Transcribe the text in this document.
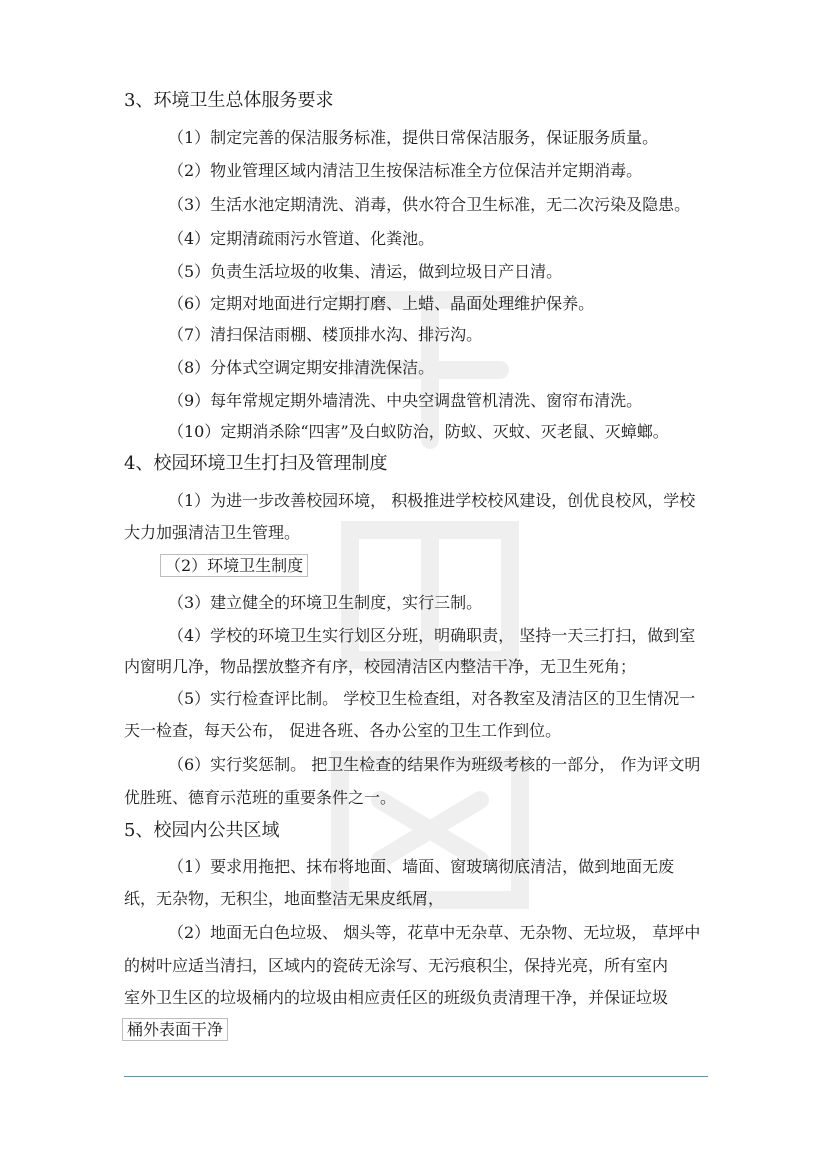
3、环境卫生总体服务要求
（1）制定完善的保洁服务标准，提供日常保洁服务，保证服务质量。
（2）物业管理区域内清洁卫生按保洁标准全方位保洁并定期消毒。
（3）生活水池定期清洗、消毒，供水符合卫生标准，无二次污染及隐患。
（4）定期清疏雨污水管道、化粪池。
（5）负责生活垃圾的收集、清运，做到垃圾日产日清。
（6）定期对地面进行定期打磨、上蜡、晶面处理维护保养。
（7）清扫保洁雨棚、楼顶排水沟、排污沟。
（8）分体式空调定期安排清洗保洁。
（9）每年常规定期外墙清洗、中央空调盘管机清洗、窗帘布清洗。
（10）定期消杀除“四害”及白蚁防治，防蚁、灭蚊、灭老鼠、灭蟑螂。
4、校园环境卫生打扫及管理制度
（1）为进一步改善校园环境， 积极推进学校校风建设，创优良校风，学校
大力加强清洁卫生管理。
（2）环境卫生制度
（3）建立健全的环境卫生制度，实行三制。
（4）学校的环境卫生实行划区分班，明确职责， 坚持一天三打扫，做到室
内窗明几净，物品摆放整齐有序，校园清洁区内整洁干净，无卫生死角；
（5）实行检查评比制。 学校卫生检查组，对各教室及清洁区的卫生情况一
天一检查，每天公布， 促进各班、各办公室的卫生工作到位。
（6）实行奖惩制。 把卫生检查的结果作为班级考核的一部分， 作为评文明
优胜班、德育示范班的重要条件之一。
5、校园内公共区域
（1）要求用拖把、抹布将地面、墙面、窗玻璃彻底清洁，做到地面无废
纸，无杂物，无积尘，地面整洁无果皮纸屑，
（2）地面无白色垃圾、 烟头等，花草中无杂草、无杂物、无垃圾， 草坪中
的树叶应适当清扫，区域内的瓷砖无涂写、无污痕积尘，保持光亮，所有室内
室外卫生区的垃圾桶内的垃圾由相应责任区的班级负责清理干净，并保证垃圾
桶外表面干净
